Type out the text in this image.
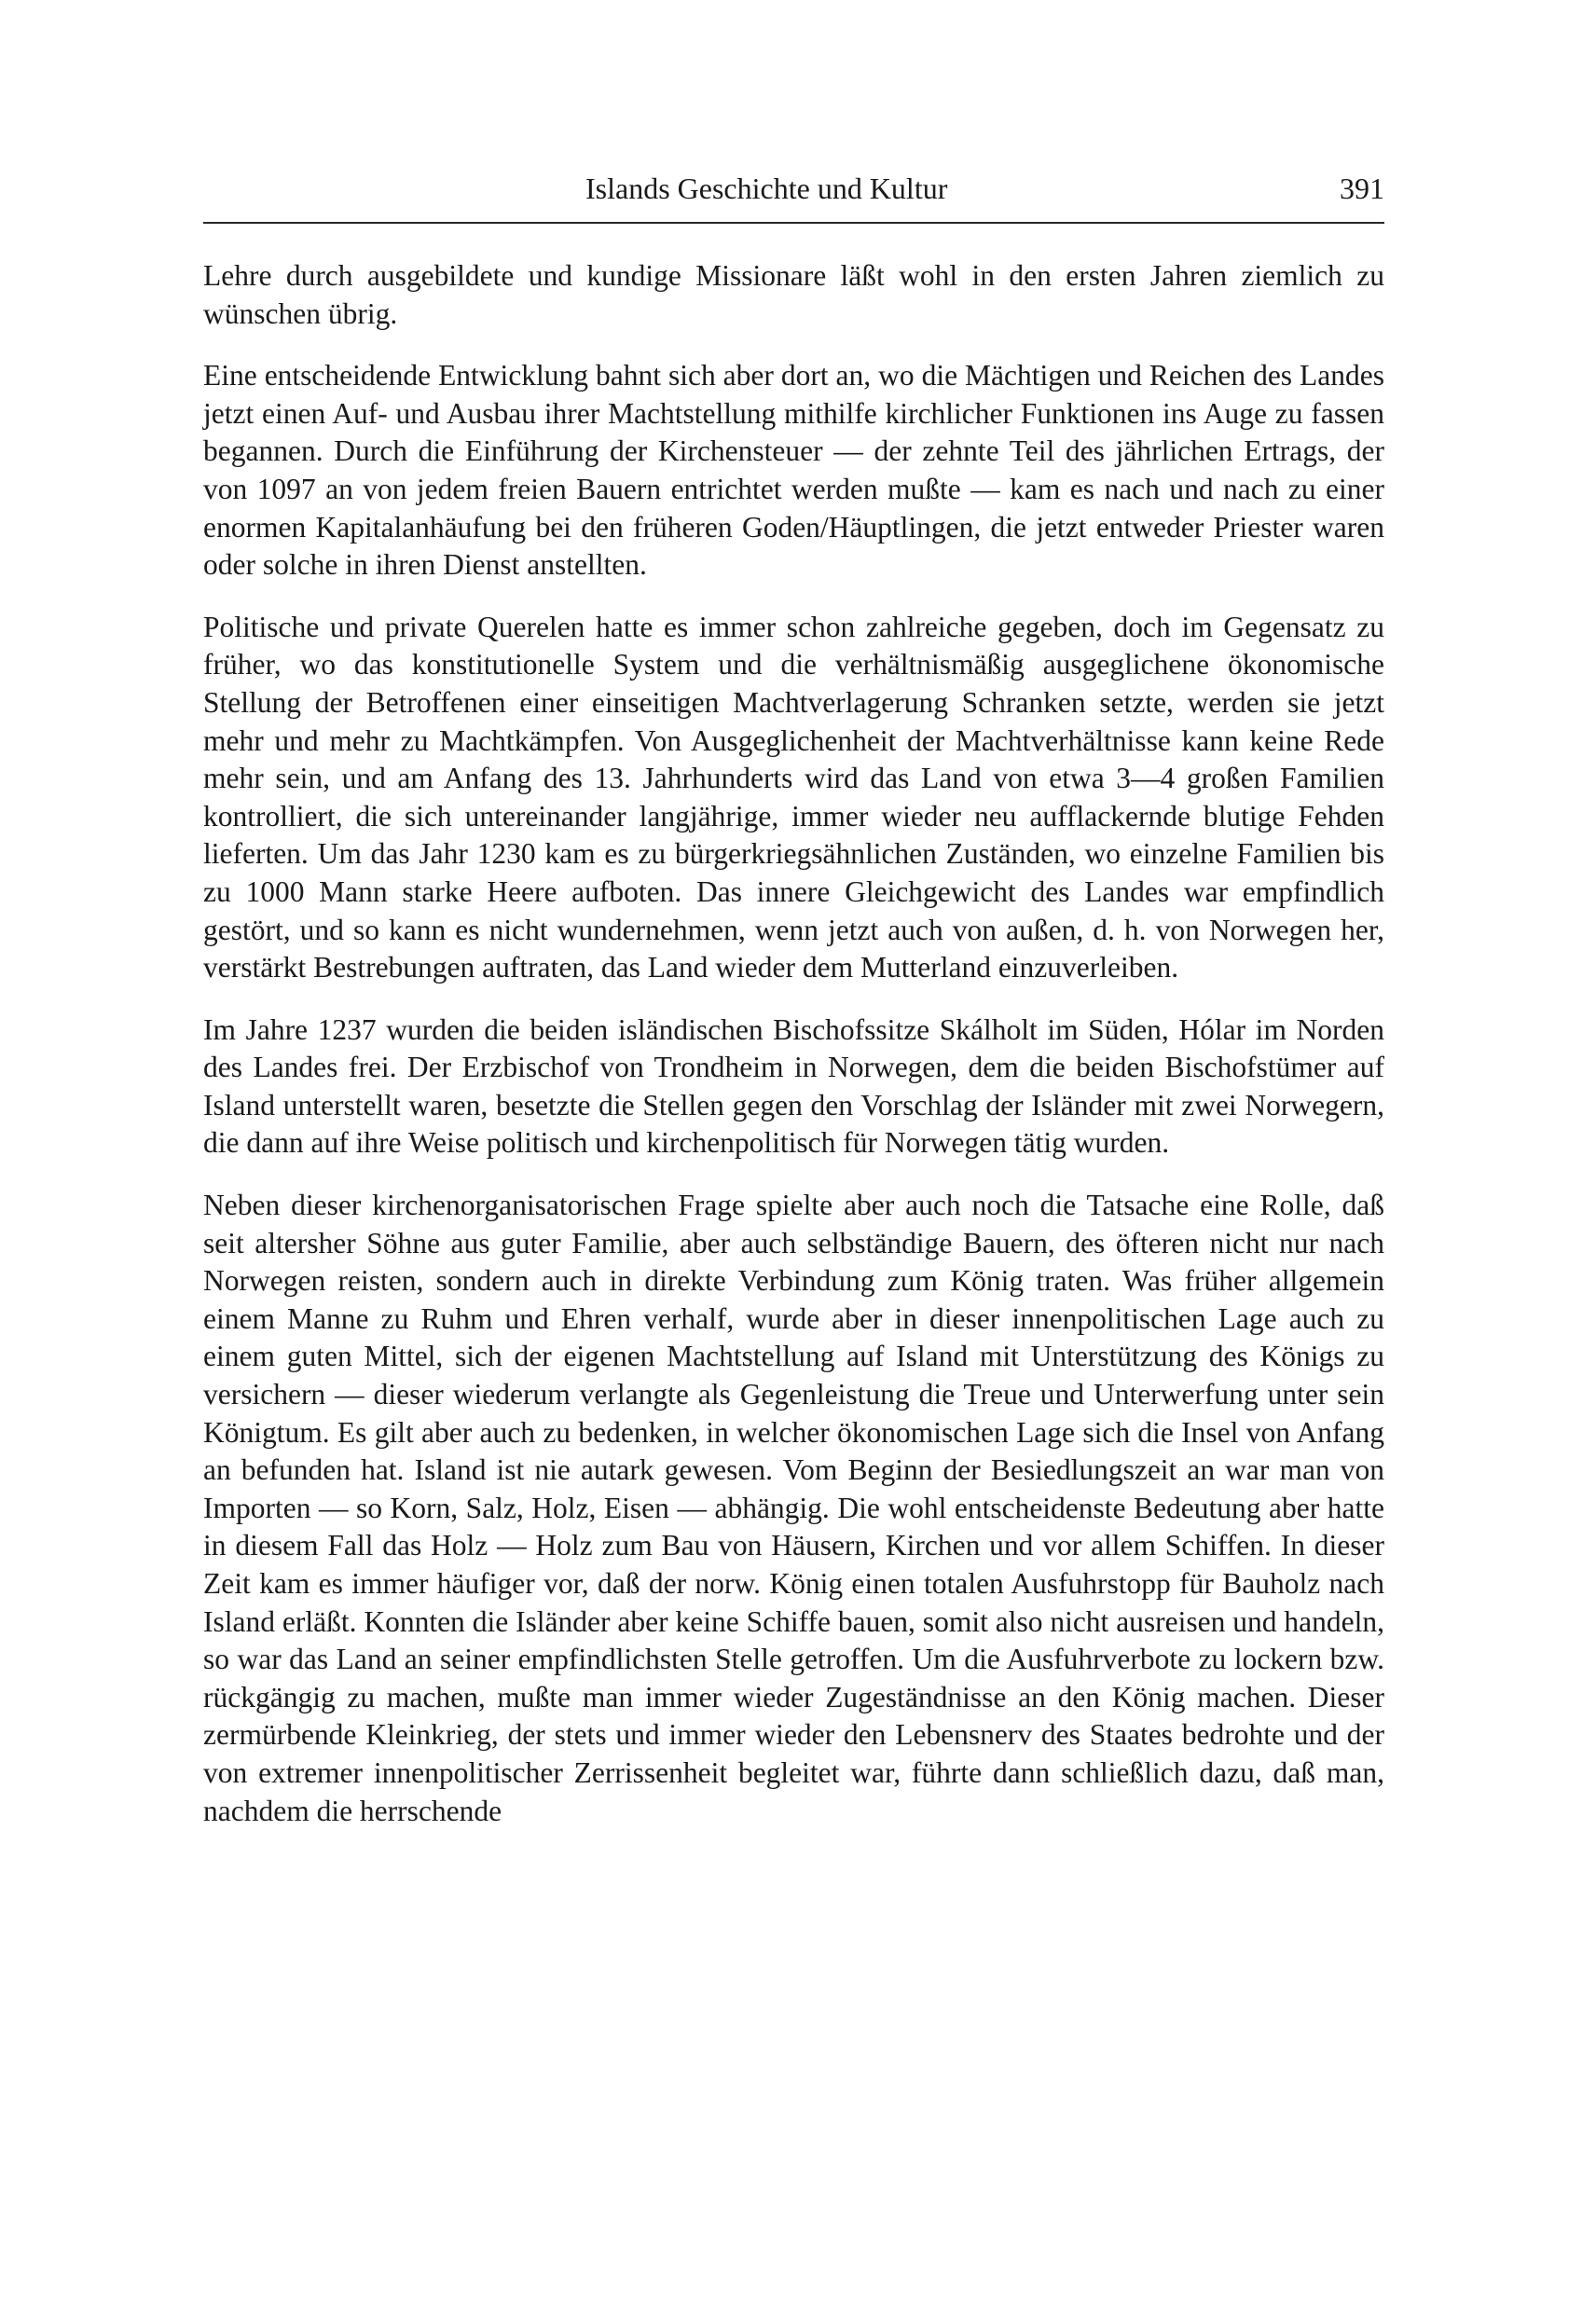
Islands Geschichte und Kultur	391

Lehre durch ausgebildete und kundige Missionare läßt wohl in den ersten Jahren ziemlich zu wünschen übrig.

Eine entscheidende Entwicklung bahnt sich aber dort an, wo die Mächtigen und Reichen des Landes jetzt einen Auf- und Ausbau ihrer Machtstellung mithilfe kirchlicher Funktionen ins Auge zu fassen begannen. Durch die Einführung der Kirchensteuer — der zehnte Teil des jährlichen Ertrags, der von 1097 an von jedem freien Bauern entrichtet werden mußte — kam es nach und nach zu einer enormen Kapitalanhäufung bei den früheren Goden/Häuptlingen, die jetzt entweder Priester waren oder solche in ihren Dienst anstellten.

Politische und private Querelen hatte es immer schon zahlreiche gegeben, doch im Gegensatz zu früher, wo das konstitutionelle System und die verhältnismäßig ausgeglichene ökonomische Stellung der Betroffenen einer einseitigen Machtverlagerung Schranken setzte, werden sie jetzt mehr und mehr zu Machtkämpfen. Von Ausgeglichenheit der Machtverhältnisse kann keine Rede mehr sein, und am Anfang des 13. Jahrhunderts wird das Land von etwa 3—4 großen Familien kontrolliert, die sich untereinander langjährige, immer wieder neu aufflackernde blutige Fehden lieferten. Um das Jahr 1230 kam es zu bürgerkriegsähnlichen Zuständen, wo einzelne Familien bis zu 1000 Mann starke Heere aufboten. Das innere Gleichgewicht des Landes war empfindlich gestört, und so kann es nicht wundernehmen, wenn jetzt auch von außen, d. h. von Norwegen her, verstärkt Bestrebungen auftraten, das Land wieder dem Mutterland einzuverleiben.

Im Jahre 1237 wurden die beiden isländischen Bischofssitze Skálholt im Süden, Hólar im Norden des Landes frei. Der Erzbischof von Trondheim in Norwegen, dem die beiden Bischofstümer auf Island unterstellt waren, besetzte die Stellen gegen den Vorschlag der Isländer mit zwei Norwegern, die dann auf ihre Weise politisch und kirchenpolitisch für Norwegen tätig wurden.

Neben dieser kirchenorganisatorischen Frage spielte aber auch noch die Tatsache eine Rolle, daß seit altersher Söhne aus guter Familie, aber auch selbständige Bauern, des öfteren nicht nur nach Norwegen reisten, sondern auch in direkte Verbindung zum König traten. Was früher allgemein einem Manne zu Ruhm und Ehren verhalf, wurde aber in dieser innenpolitischen Lage auch zu einem guten Mittel, sich der eigenen Machtstellung auf Island mit Unterstützung des Königs zu versichern — dieser wiederum verlangte als Gegenleistung die Treue und Unterwerfung unter sein Königtum. Es gilt aber auch zu bedenken, in welcher ökonomischen Lage sich die Insel von Anfang an befunden hat. Island ist nie autark gewesen. Vom Beginn der Besiedlungszeit an war man von Importen — so Korn, Salz, Holz, Eisen — abhängig. Die wohl entscheidenste Bedeutung aber hatte in diesem Fall das Holz — Holz zum Bau von Häusern, Kirchen und vor allem Schiffen. In dieser Zeit kam es immer häufiger vor, daß der norw. König einen totalen Ausfuhrstopp für Bauholz nach Island erläßt. Konnten die Isländer aber keine Schiffe bauen, somit also nicht ausreisen und handeln, so war das Land an seiner empfindlichsten Stelle getroffen. Um die Ausfuhrverbote zu lockern bzw. rückgängig zu machen, mußte man immer wieder Zugeständnisse an den König machen. Dieser zermürbende Kleinkrieg, der stets und immer wieder den Lebensnerv des Staates bedrohte und der von extremer innenpolitischer Zerrissenheit begleitet war, führte dann schließlich dazu, daß man, nachdem die herrschende
